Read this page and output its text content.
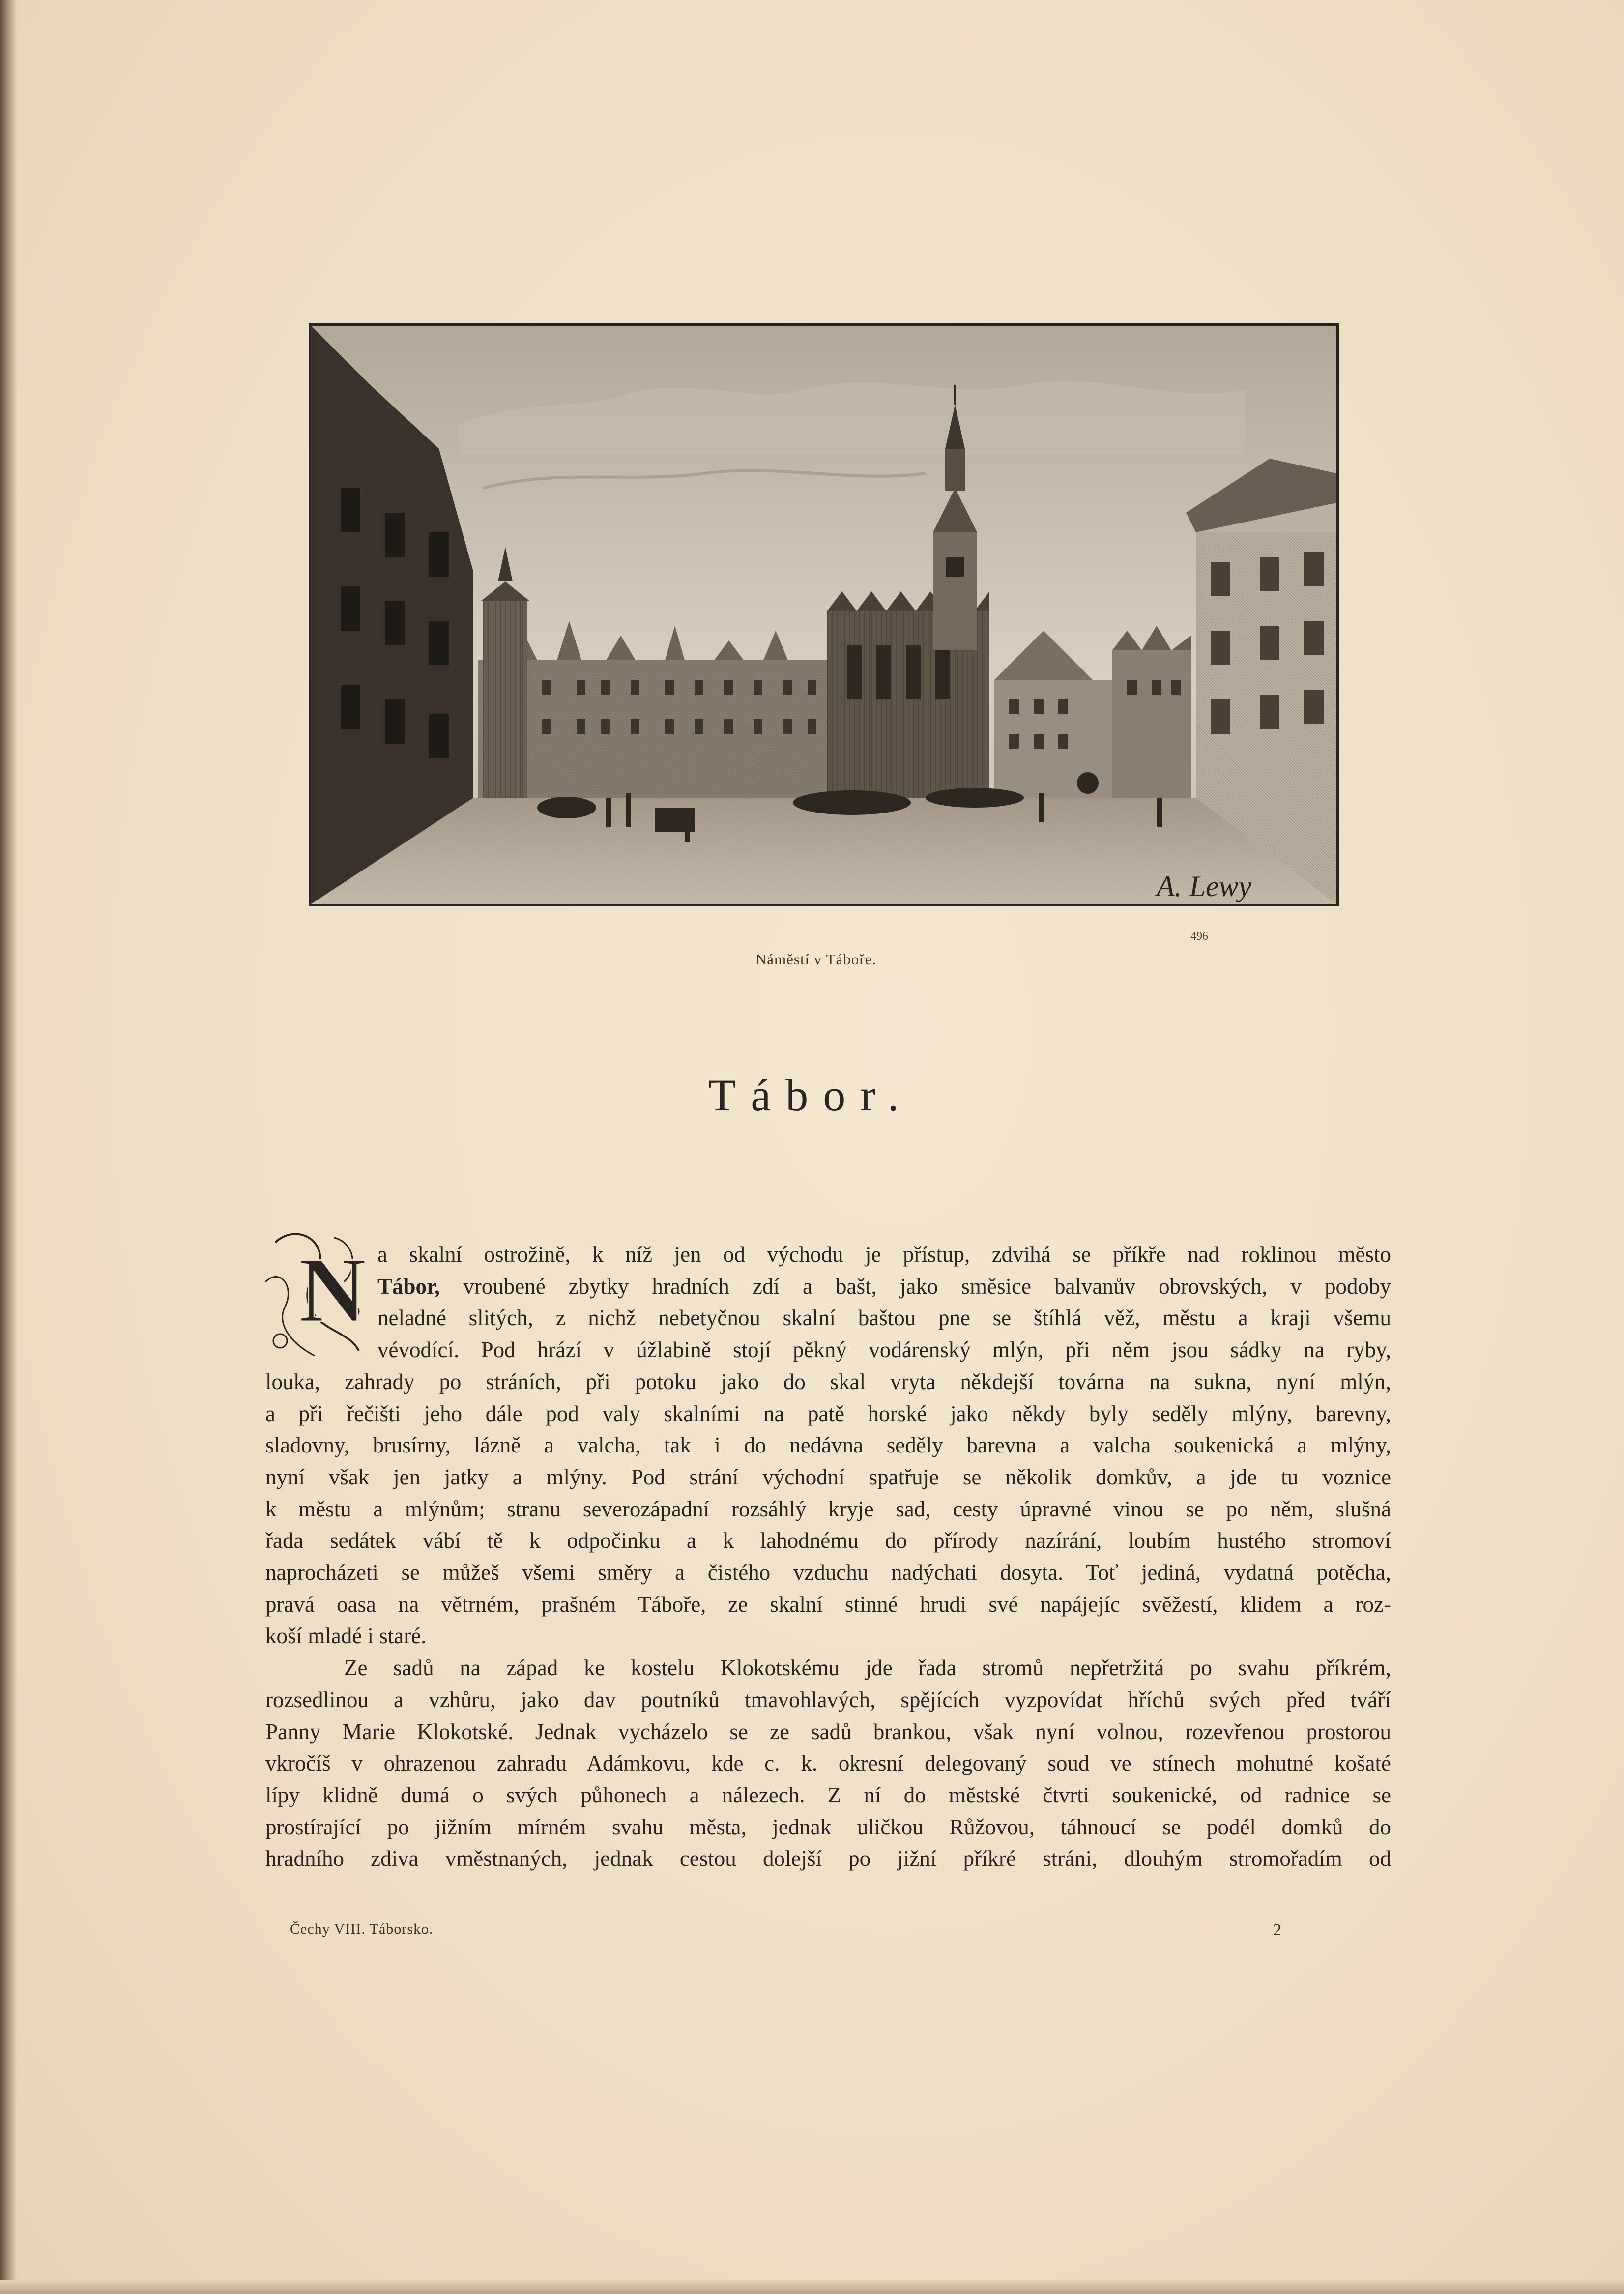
A. Lewy
496
Náměstí v Táboře.
Tábor.
N a skalní ostrožině, k níž jen od východu je přístup, zdvihá se příkře nad roklinou město
Tábor, vroubené zbytky hradních zdí a bašt, jako směsice balvanův obrovských, v podoby
neladné slitých, z nichž nebetyčnou skalní baštou pne se štíhlá věž, městu a kraji všemu
vévodící. Pod hrází v úžlabině stojí pěkný vodárenský mlýn, při něm jsou sádky na ryby,
louka, zahrady po stráních, při potoku jako do skal vryta někdejší továrna na sukna, nyní mlýn,
a při řečišti jeho dále pod valy skalními na patě horské jako někdy byly seděly mlýny, barevny,
sladovny, brusírny, lázně a valcha, tak i do nedávna seděly barevna a valcha soukenická a mlýny,
nyní však jen jatky a mlýny. Pod strání východní spatřuje se několik domkův, a jde tu voznice
k městu a mlýnům; stranu severozápadní rozsáhlý kryje sad, cesty úpravné vinou se po něm, slušná
řada sedátek vábí tě k odpočinku a k lahodnému do přírody nazírání, loubím hustého stromoví
naprocházeti se můžeš všemi směry a čistého vzduchu nadýchati dosyta. Toť jediná, vydatná potěcha,
pravá oasa na větrném, prašném Táboře, ze skalní stinné hrudi své napájejíc svěžestí, klidem a roz-
koší mladé i staré.
Ze sadů na západ ke kostelu Klokotskému jde řada stromů nepřetržitá po svahu příkrém,
rozsedlinou a vzhůru, jako dav poutníků tmavohlavých, spějících vyzpovídat hříchů svých před tváří
Panny Marie Klokotské. Jednak vycházelo se ze sadů brankou, však nyní volnou, rozevřenou prostorou
vkročíš v ohrazenou zahradu Adámkovu, kde c. k. okresní delegovaný soud ve stínech mohutné košaté
lípy klidně dumá o svých půhonech a nálezech. Z ní do městské čtvrti soukenické, od radnice se
prostírající po jižním mírném svahu města, jednak uličkou Růžovou, táhnoucí se podél domků do
hradního zdiva vměstnaných, jednak cestou dolejší po jižní příkré stráni, dlouhým stromořadím od
Čechy VIII. Táborsko.	2
